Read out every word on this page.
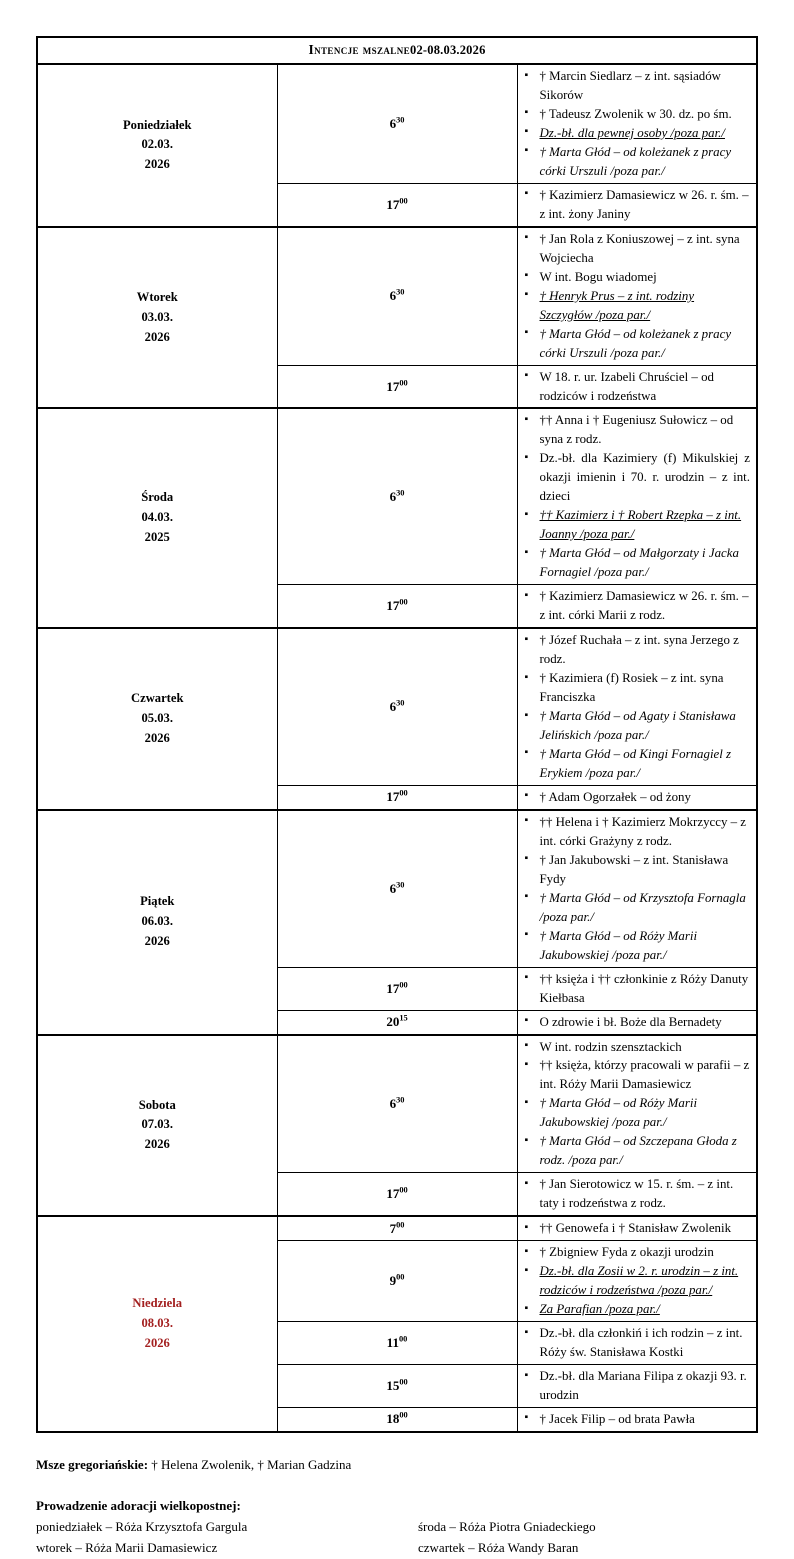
Intencje mszalne02-08.03.2026		

Poniedziałek
02.03.
2026
	$6^{30}$	
▪ † Marcin Siedlarz – z int. sąsiadów Sikorów
▪ † Tadeusz Zwolenik w 30. dz. po śm.
▪ Dz.-bł. dla pewnej osoby /poza par./
▪ † Marta Głód – od koleżanek z pracy córki Urszuli /poza par./

$17^{00}$	
▪† Kazimierz Damasiewicz w 26. r. śm. – z int. żony Janiny

Wtorek
03.03.
2026
	$6^{30}$	
▪ † Jan Rola z Koniuszowej – z int. syna Wojciecha
▪ W int. Bogu wiadomej
▪ † Henryk Prus – z int. rodziny Szczygłów /poza par./
▪ † Marta Głód – od koleżanek z pracy córki Urszuli /poza par./

$17^{00}$	
▪W 18. r. ur. Izabeli Chruściel – od rodziców i rodzeństwa

Środa
04.03.
2025
	$6^{30}$	
▪ †† Anna i † Eugeniusz Sułowicz – od syna z rodz.
▪ Dz.-bł. dla Kazimiery (f) Mikulskiej z okazji imienin i 70. r. urodzin – z int. dzieci
▪ †† Kazimierz i † Robert Rzepka – z int. Joanny /poza par./
▪ † Marta Głód – od Małgorzaty i Jacka Fornagiel /poza par./

$17^{00}$	
▪† Kazimierz Damasiewicz w 26. r. śm. – z int. córki Marii z rodz.

Czwartek
05.03.
2026
	$6^{30}$	
▪ † Józef Ruchała – z int. syna Jerzego z rodz.
▪ † Kazimiera (f) Rosiek – z int. syna Franciszka
▪ † Marta Głód – od Agaty i Stanisława Jelińskich /poza par./
▪ † Marta Głód – od Kingi Fornagiel z Erykiem /poza par./

$17^{00}$	
▪† Adam Ogorzałek – od żony

Piątek
06.03.
2026
	$6^{30}$	
▪ †† Helena i † Kazimierz Mokrzyccy – z int. córki Grażyny z rodz.
▪ † Jan Jakubowski – z int. Stanisława Fydy
▪ † Marta Głód – od Krzysztofa Fornagla /poza par./
▪ † Marta Głód – od Róży Marii Jakubowskiej /poza par./

$17^{00}$	
▪†† księża i †† członkinie z Róży Danuty Kiełbasa

$20^{15}$	
▪O zdrowie i bł. Boże dla Bernadety

Sobota
07.03.
2026
	$6^{30}$	
▪ W int. rodzin szensztackich
▪ †† księża, którzy pracowali w parafii – z int. Róży Marii Damasiewicz
▪ † Marta Głód – od Róży Marii Jakubowskiej /poza par./
▪ † Marta Głód – od Szczepana Głoda z rodz. /poza par./

$17^{00}$	
▪† Jan Sierotowicz w 15. r. śm. – z int. taty i rodzeństwa z rodz.

Niedziela
08.03.
2026
	$7^{00}$	
▪†† Genowefa i † Stanisław Zwolenik

$9^{00}$	
▪ † Zbigniew Fyda z okazji urodzin
▪ Dz.-bł. dla Zosii w 2. r. urodzin – z int. rodziców i rodzeństwa /poza par./
▪ Za Parafian /poza par./

$11^{00}$	
▪Dz.-bł. dla członkiń i ich rodzin – z int. Róży św. Stanisława Kostki

$15^{00}$	
▪Dz.-bł. dla Mariana Filipa z okazji 93. r. urodzin

$18^{00}$	
▪† Jacek Filip – od brata Pawła
Msze gregoriańskie: † Helena Zwolenik, † Marian Gadzina
Prowadzenie adoracji wielkopostnej:
poniedziałek – Róża Krzysztofa Gargula	środa – Róża Piotra Gniadeckiego
wtorek – Róża Marii Damasiewicz	czwartek – Róża Wandy Baran
